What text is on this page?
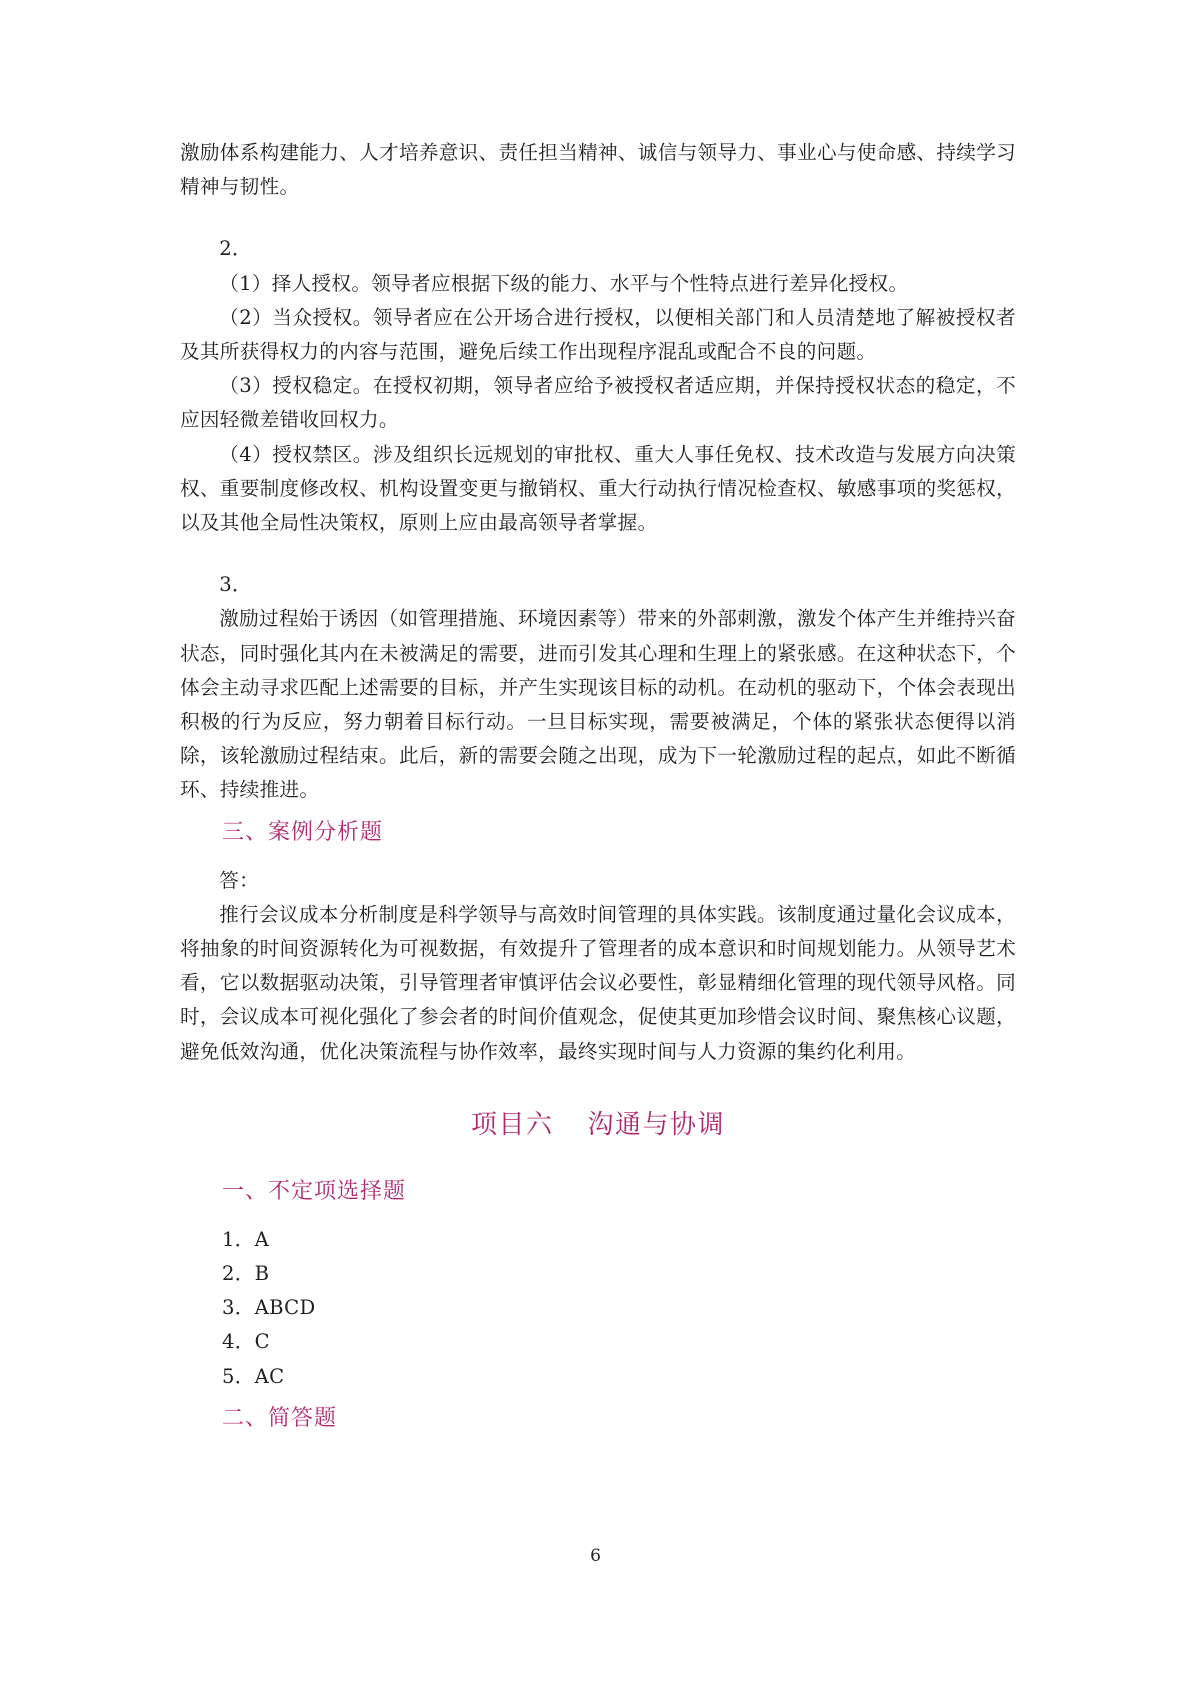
激励体系构建能力、人才培养意识、责任担当精神、诚信与领导力、事业心与使命感、持续学习精神与韧性。

2．

（1）择人授权。领导者应根据下级的能力、水平与个性特点进行差异化授权。

（2）当众授权。领导者应在公开场合进行授权，以便相关部门和人员清楚地了解被授权者及其所获得权力的内容与范围，避免后续工作出现程序混乱或配合不良的问题。

（3）授权稳定。在授权初期，领导者应给予被授权者适应期，并保持授权状态的稳定，不应因轻微差错收回权力。

（4）授权禁区。涉及组织长远规划的审批权、重大人事任免权、技术改造与发展方向决策权、重要制度修改权、机构设置变更与撤销权、重大行动执行情况检查权、敏感事项的奖惩权，以及其他全局性决策权，原则上应由最高领导者掌握。

3．

激励过程始于诱因（如管理措施、环境因素等）带来的外部刺激，激发个体产生并维持兴奋状态，同时强化其内在未被满足的需要，进而引发其心理和生理上的紧张感。在这种状态下，个体会主动寻求匹配上述需要的目标，并产生实现该目标的动机。在动机的驱动下，个体会表现出积极的行为反应，努力朝着目标行动。一旦目标实现，需要被满足，个体的紧张状态便得以消除，该轮激励过程结束。此后，新的需要会随之出现，成为下一轮激励过程的起点，如此不断循环、持续推进。

三、案例分析题

答：

推行会议成本分析制度是科学领导与高效时间管理的具体实践。该制度通过量化会议成本，将抽象的时间资源转化为可视数据，有效提升了管理者的成本意识和时间规划能力。从领导艺术看，它以数据驱动决策，引导管理者审慎评估会议必要性，彰显精细化管理的现代领导风格。同时，会议成本可视化强化了参会者的时间价值观念，促使其更加珍惜会议时间、聚焦核心议题，避免低效沟通，优化决策流程与协作效率，最终实现时间与人力资源的集约化利用。

项目六 沟通与协调
一、不定项选择题

1．A

2．B

3．ABCD

4．C

5．AC

二、简答题
6
